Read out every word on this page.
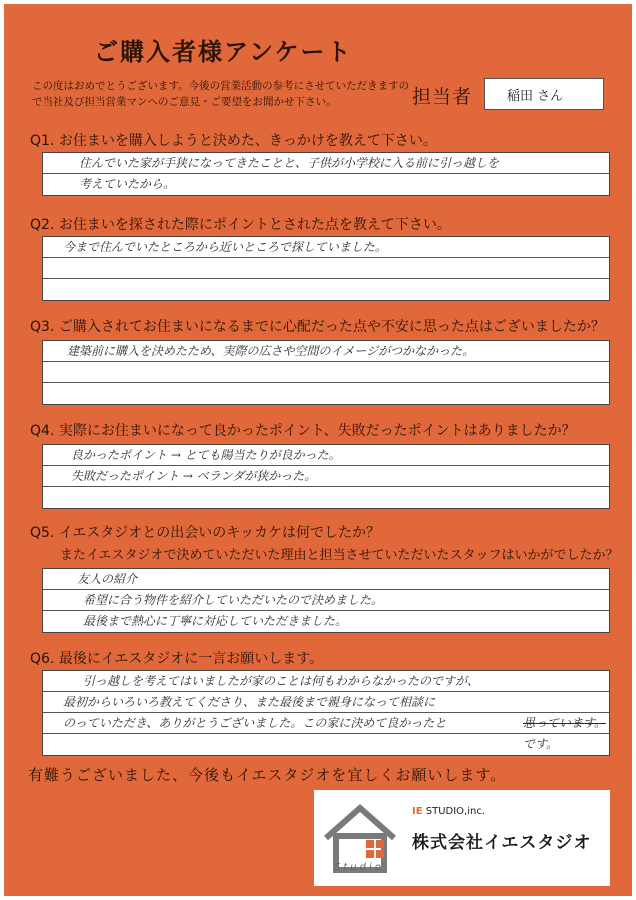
ご購入者様アンケート
この度はおめでとうございます。今後の営業活動の参考にさせていただきますので当社及び担当営業マンへのご意見・ご要望をお聞かせ下さい。	担当者	稲田 さん
Q1. お住まいを購入しようと決めた、きっかけを教えて下さい。
住んでいた家が手狭になってきたことと、子供が小学校に入る前に引っ越しを
考えていたから。
Q2. お住まいを探された際にポイントとされた点を教えて下さい。
今まで住んでいたところから近いところで探していました。
Q3. ご購入されてお住まいになるまでに心配だった点や不安に思った点はございましたか？
建築前に購入を決めたため、実際の広さや空間のイメージがつかなかった。
Q4. 実際にお住まいになって良かったポイント、失敗だったポイントはありましたか？
良かったポイント → とても陽当たりが良かった。
失敗だったポイント → ベランダが狭かった。
Q5. イエスタジオとの出会いのキッカケは何でしたか？
またイエスタジオで決めていただいた理由と担当させていただいたスタッフはいかがでしたか？
友人の紹介
希望に合う物件を紹介していただいたので決めました。
最後まで熱心に丁寧に対応していただきました。
Q6. 最後にイエスタジオに一言お願いします。
引っ越しを考えてはいましたが家のことは何もわからなかったのですが、
最初からいろいろ教えてくださり、また最後まで親身になって相談に
のっていただき、ありがとうございました。この家に決めて良かったと	思っています。
です。
有難うございました、今後もイエスタジオを宜しくお願いします。
IE STUDIO,inc.
株式会社イエスタジオ
Studio
